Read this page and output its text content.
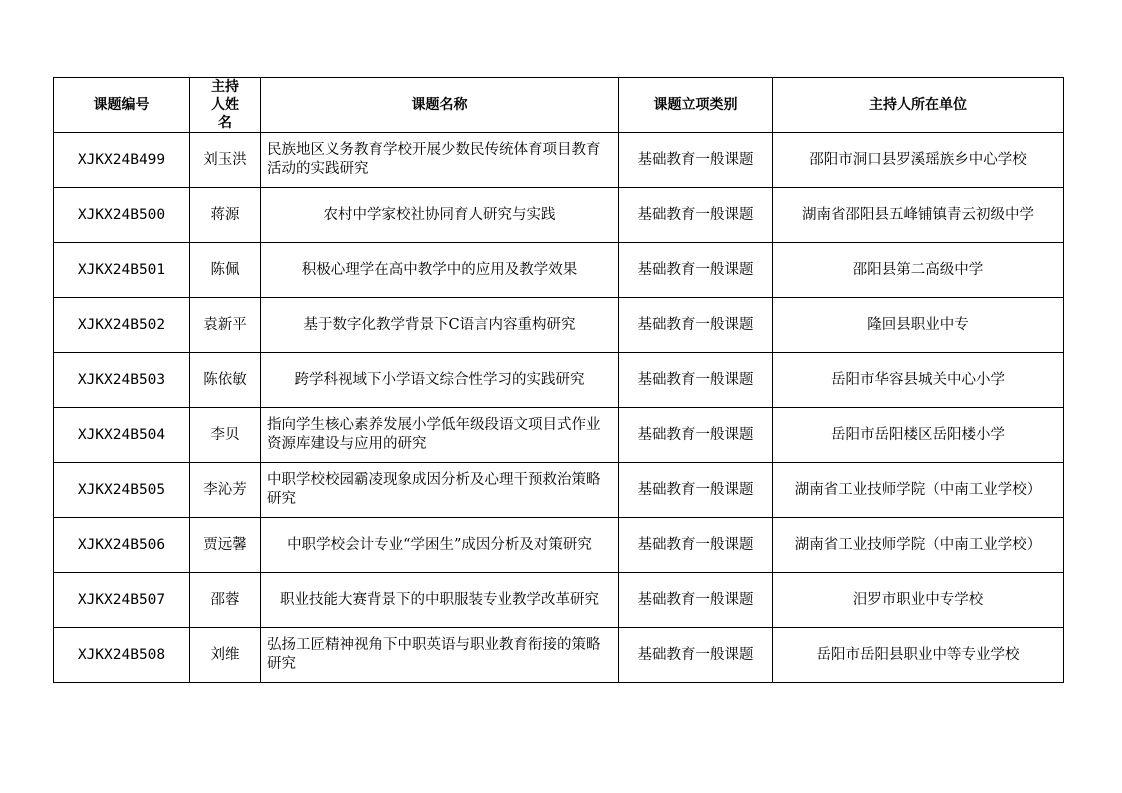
课题编号	主持人姓名	课题名称	课题立项类别	主持人所在单位
XJKX24B499	刘玉洪	民族地区义务教育学校开展少数民传统体育项目教育活动的实践研究	基础教育一般课题	邵阳市洞口县罗溪瑶族乡中心学校
XJKX24B500	蒋源	农村中学家校社协同育人研究与实践	基础教育一般课题	湖南省邵阳县五峰铺镇青云初级中学
XJKX24B501	陈佩	积极心理学在高中教学中的应用及教学效果	基础教育一般课题	邵阳县第二高级中学
XJKX24B502	袁新平	基于数字化教学背景下C语言内容重构研究	基础教育一般课题	隆回县职业中专
XJKX24B503	陈依敏	跨学科视域下小学语文综合性学习的实践研究	基础教育一般课题	岳阳市华容县城关中心小学
XJKX24B504	李贝	指向学生核心素养发展小学低年级段语文项目式作业资源库建设与应用的研究	基础教育一般课题	岳阳市岳阳楼区岳阳楼小学
XJKX24B505	李沁芳	中职学校校园霸凌现象成因分析及心理干预救治策略研究	基础教育一般课题	湖南省工业技师学院（中南工业学校）
XJKX24B506	贾远馨	中职学校会计专业“学困生”成因分析及对策研究	基础教育一般课题	湖南省工业技师学院（中南工业学校）
XJKX24B507	邵蓉	职业技能大赛背景下的中职服装专业教学改革研究	基础教育一般课题	汨罗市职业中专学校
XJKX24B508	刘维	弘扬工匠精神视角下中职英语与职业教育衔接的策略研究	基础教育一般课题	岳阳市岳阳县职业中等专业学校
